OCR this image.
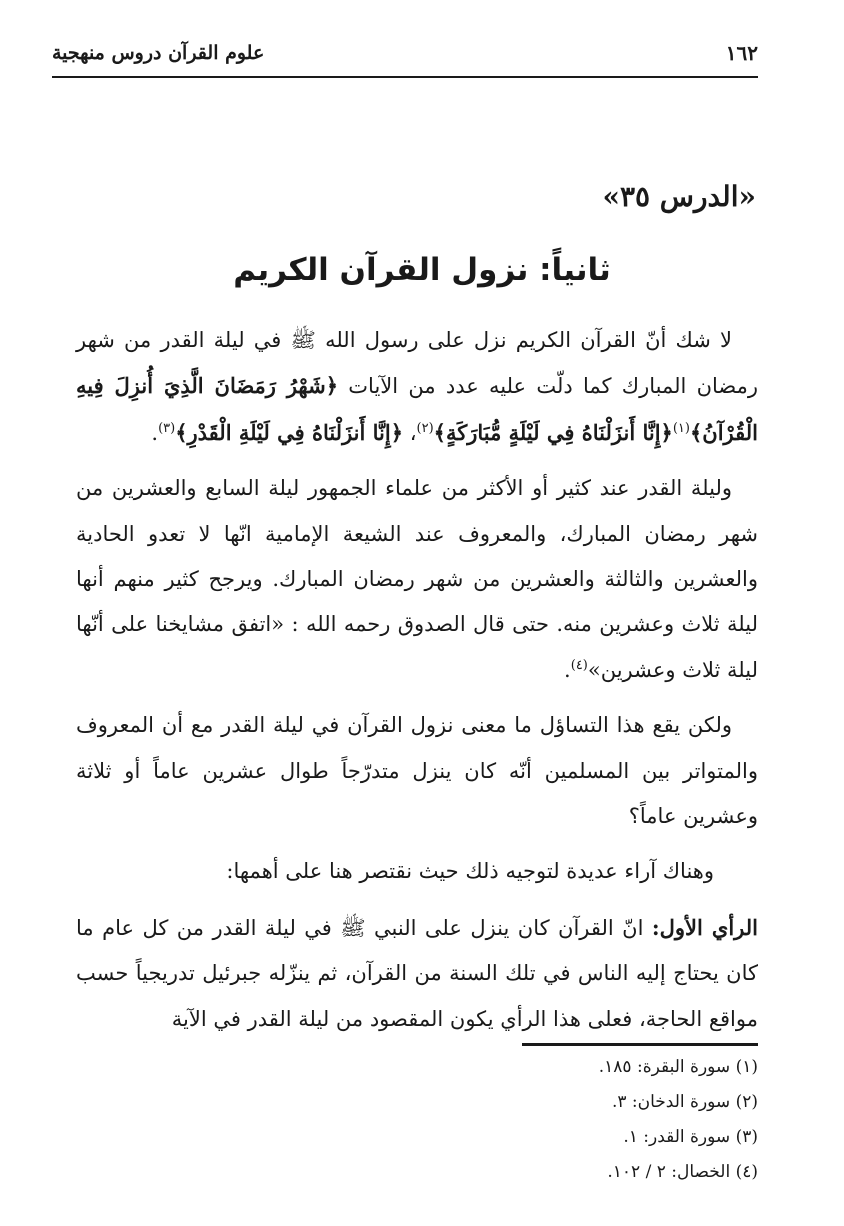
١٦٢
علوم القرآن دروس منهجية
«الدرس ٣٥»
ثانياً: نزول القرآن الكريم

لا شك أنّ القرآن الكريم نزل على رسول الله ﷺ في ليلة القدر من شهر رمضان المبارك كما دلّت عليه عدد من الآيات ﴿شَهْرُ رَمَضَانَ الَّذِيَ أُنزِلَ فِيهِ الْقُرْآنُ﴾$^{(١)}$﴿إِنَّا أَنزَلْنَاهُ فِي لَيْلَةٍ مُّبَارَكَةٍ﴾$^{(٢)}$، ﴿إِنَّا أَنزَلْنَاهُ فِي لَيْلَةِ الْقَدْرِ﴾$^{(٣)}$.

وليلة القدر عند كثير أو الأكثر من علماء الجمهور ليلة السابع والعشرين من شهر رمضان المبارك، والمعروف عند الشيعة الإمامية انّها لا تعدو الحادية والعشرين والثالثة والعشرين من شهر رمضان المبارك. ويرجح كثير منهم أنها ليلة ثلاث وعشرين منه. حتى قال الصدوق رحمه الله : «اتفق مشايخنا على أنّها ليلة ثلاث وعشرين»$^{(٤)}$.

ولكن يقع هذا التساؤل ما معنى نزول القرآن في ليلة القدر مع أن المعروف والمتواتر بين المسلمين أنّه كان ينزل متدرّجاً طوال عشرين عاماً أو ثلاثة وعشرين عاماً؟

وهناك آراء عديدة لتوجيه ذلك حيث نقتصر هنا على أهمها:

الرأي الأول: انّ القرآن كان ينزل على النبي ﷺ في ليلة القدر من كل عام ما كان يحتاج إليه الناس في تلك السنة من القرآن، ثم ينزّله جبرئيل تدريجياً حسب مواقع الحاجة، فعلى هذا الرأي يكون المقصود من ليلة القدر في الآية

(١) سورة البقرة: ١٨٥.
(٢) سورة الدخان: ٣.
(٣) سورة القدر: ١.
(٤) الخصال: ٢ / ١٠٢.
